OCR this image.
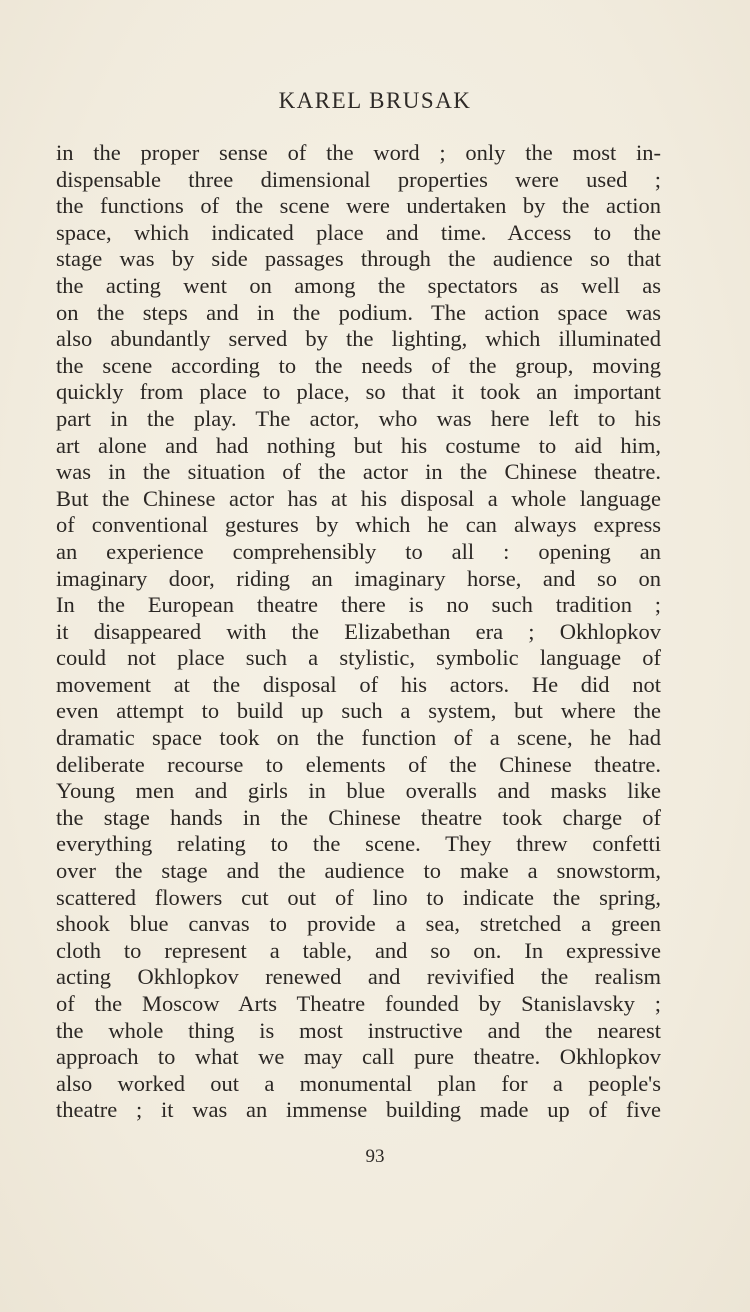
KAREL BRUSAK
in the proper sense of the word ; only the most in-
dispensable three dimensional properties were used ;
the functions of the scene were undertaken by the action
space, which indicated place and time. Access to the
stage was by side passages through the audience so that
the acting went on among the spectators as well as
on the steps and in the podium. The action space was
also abundantly served by the lighting, which illuminated
the scene according to the needs of the group, moving
quickly from place to place, so that it took an important
part in the play. The actor, who was here left to his
art alone and had nothing but his costume to aid him,
was in the situation of the actor in the Chinese theatre.
But the Chinese actor has at his disposal a whole language
of conventional gestures by which he can always express
an experience comprehensibly to all : opening an
imaginary door, riding an imaginary horse, and so on
In the European theatre there is no such tradition ;
it disappeared with the Elizabethan era ; Okhlopkov
could not place such a stylistic, symbolic language of
movement at the disposal of his actors. He did not
even attempt to build up such a system, but where the
dramatic space took on the function of a scene, he had
deliberate recourse to elements of the Chinese theatre.
Young men and girls in blue overalls and masks like
the stage hands in the Chinese theatre took charge of
everything relating to the scene. They threw confetti
over the stage and the audience to make a snowstorm,
scattered flowers cut out of lino to indicate the spring,
shook blue canvas to provide a sea, stretched a green
cloth to represent a table, and so on. In expressive
acting Okhlopkov renewed and revivified the realism
of the Moscow Arts Theatre founded by Stanislavsky ;
the whole thing is most instructive and the nearest
approach to what we may call pure theatre. Okhlopkov
also worked out a monumental plan for a people's
theatre ; it was an immense building made up of five
93
